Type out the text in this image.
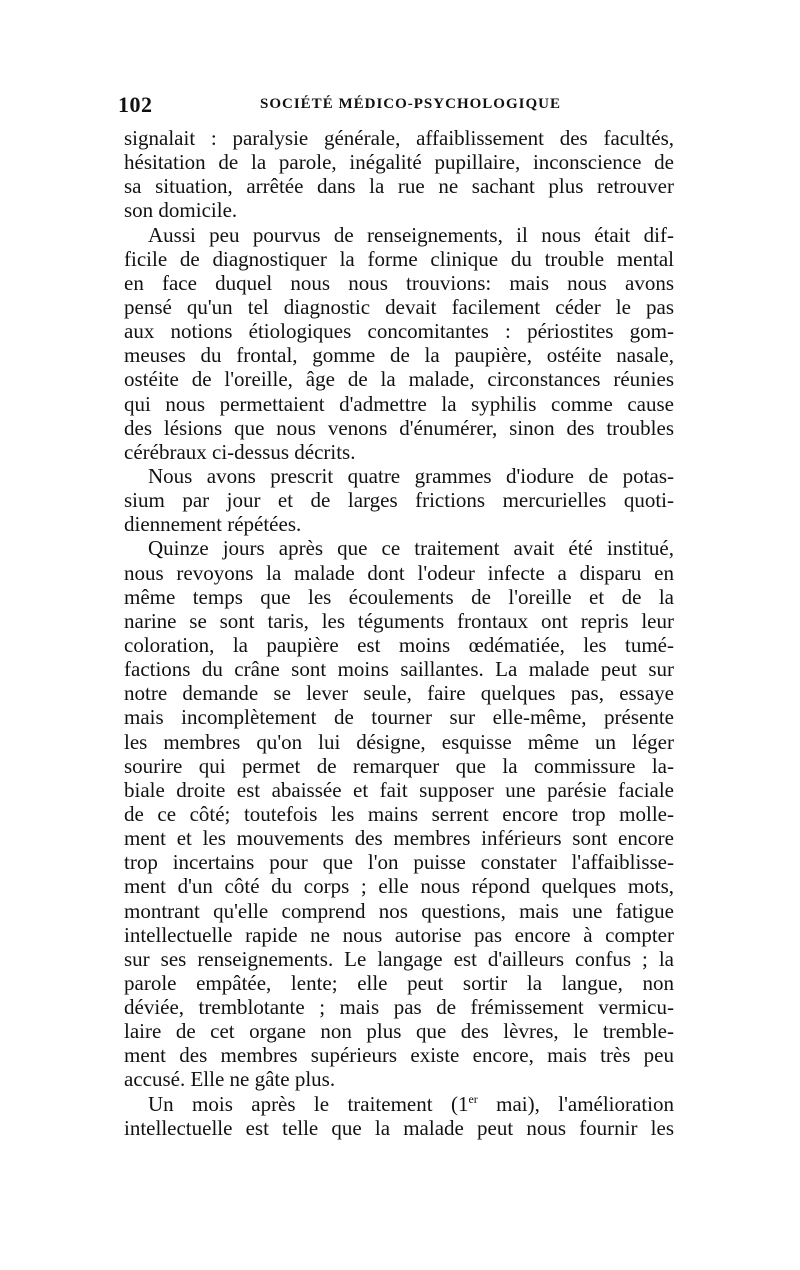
102	SOCIÉTÉ MÉDICO-PSYCHOLOGIQUE
signalait : paralysie générale, affaiblissement des facultés,
hésitation de la parole, inégalité pupillaire, inconscience de
sa situation, arrêtée dans la rue ne sachant plus retrouver
son domicile.
Aussi peu pourvus de renseignements, il nous était dif-
ficile de diagnostiquer la forme clinique du trouble mental
en face duquel nous nous trouvions: mais nous avons
pensé qu'un tel diagnostic devait facilement céder le pas
aux notions étiologiques concomitantes : périostites gom-
meuses du frontal, gomme de la paupière, ostéite nasale,
ostéite de l'oreille, âge de la malade, circonstances réunies
qui nous permettaient d'admettre la syphilis comme cause
des lésions que nous venons d'énumérer, sinon des troubles
cérébraux ci-dessus décrits.
Nous avons prescrit quatre grammes d'iodure de potas-
sium par jour et de larges frictions mercurielles quoti-
diennement répétées.
Quinze jours après que ce traitement avait été institué,
nous revoyons la malade dont l'odeur infecte a disparu en
même temps que les écoulements de l'oreille et de la
narine se sont taris, les téguments frontaux ont repris leur
coloration, la paupière est moins œdématiée, les tumé-
factions du crâne sont moins saillantes. La malade peut sur
notre demande se lever seule, faire quelques pas, essaye
mais incomplètement de tourner sur elle-même, présente
les membres qu'on lui désigne, esquisse même un léger
sourire qui permet de remarquer que la commissure la-
biale droite est abaissée et fait supposer une parésie faciale
de ce côté; toutefois les mains serrent encore trop molle-
ment et les mouvements des membres inférieurs sont encore
trop incertains pour que l'on puisse constater l'affaiblisse-
ment d'un côté du corps ; elle nous répond quelques mots,
montrant qu'elle comprend nos questions, mais une fatigue
intellectuelle rapide ne nous autorise pas encore à compter
sur ses renseignements. Le langage est d'ailleurs confus ; la
parole empâtée, lente; elle peut sortir la langue, non
déviée, tremblotante ; mais pas de frémissement vermicu-
laire de cet organe non plus que des lèvres, le tremble-
ment des membres supérieurs existe encore, mais très peu
accusé. Elle ne gâte plus.
Un mois après le traitement (1er mai), l'amélioration
intellectuelle est telle que la malade peut nous fournir les
